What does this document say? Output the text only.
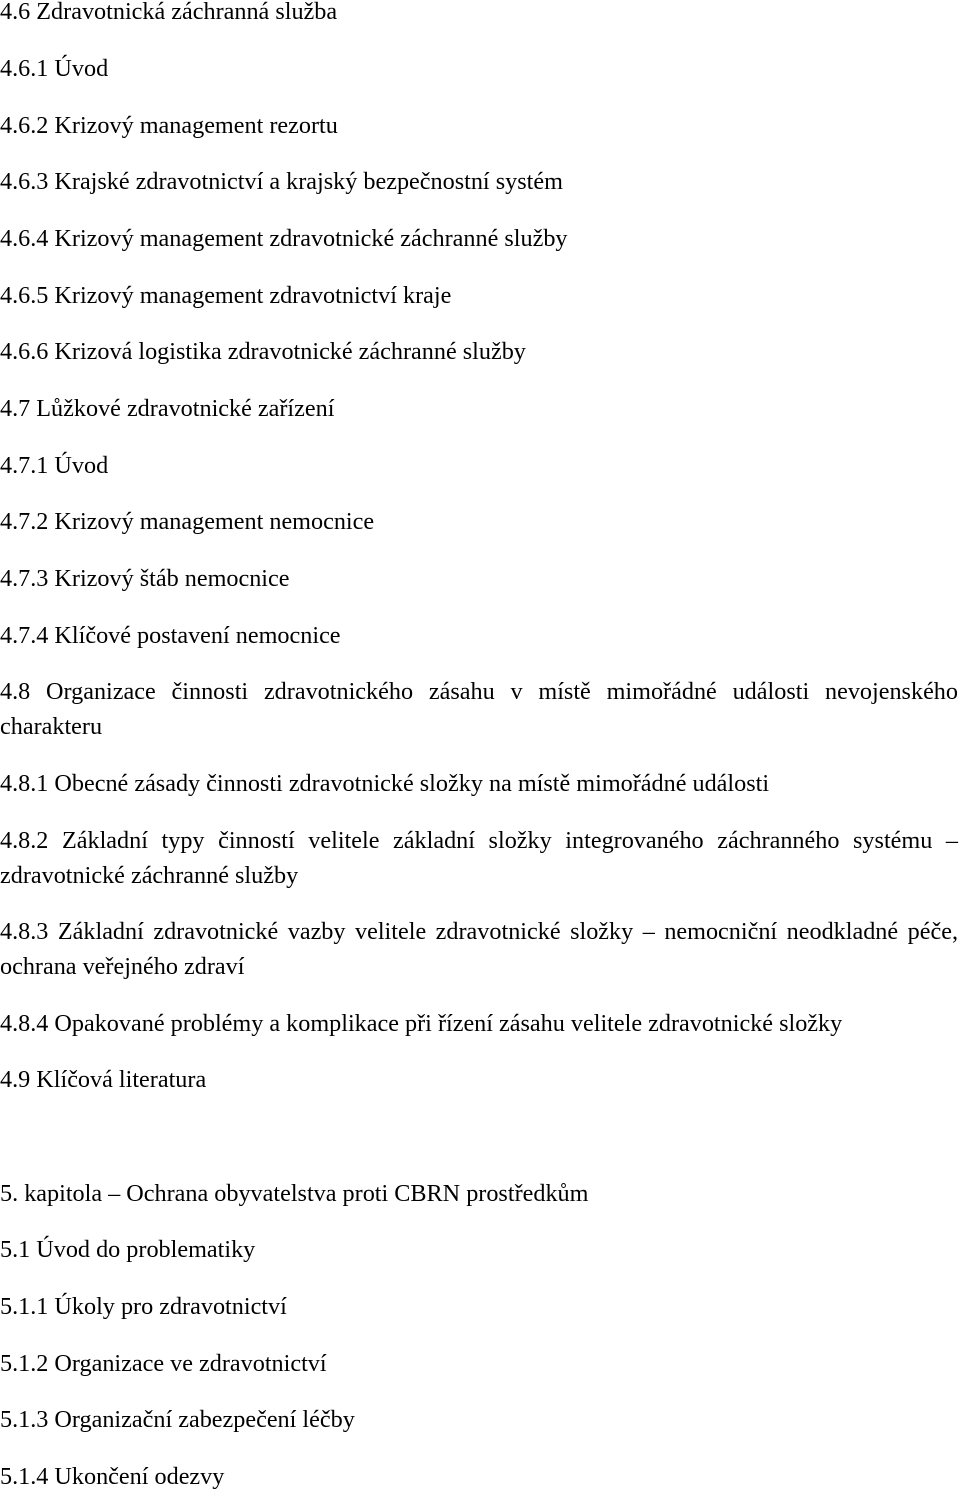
4.6 Zdravotnická záchranná služba
4.6.1 Úvod
4.6.2 Krizový management rezortu
4.6.3 Krajské zdravotnictví a krajský bezpečnostní systém
4.6.4 Krizový management zdravotnické záchranné služby
4.6.5 Krizový management zdravotnictví kraje
4.6.6 Krizová logistika zdravotnické záchranné služby
4.7 Lůžkové zdravotnické zařízení
4.7.1 Úvod
4.7.2 Krizový management nemocnice
4.7.3 Krizový štáb nemocnice
4.7.4 Klíčové postavení nemocnice
4.8 Organizace činnosti zdravotnického zásahu v místě mimořádné události nevojenského charakteru
4.8.1 Obecné zásady činnosti zdravotnické složky na místě mimořádné události
4.8.2 Základní typy činností velitele základní složky integrovaného záchranného systému – zdravotnické záchranné služby
4.8.3 Základní zdravotnické vazby velitele zdravotnické složky – nemocniční neodkladné péče, ochrana veřejného zdraví
4.8.4 Opakované problémy a komplikace při řízení zásahu velitele zdravotnické složky
4.9 Klíčová literatura
5. kapitola – Ochrana obyvatelstva proti CBRN prostředkům
5.1 Úvod do problematiky
5.1.1 Úkoly pro zdravotnictví
5.1.2 Organizace ve zdravotnictví
5.1.3 Organizační zabezpečení léčby
5.1.4 Ukončení odezvy
